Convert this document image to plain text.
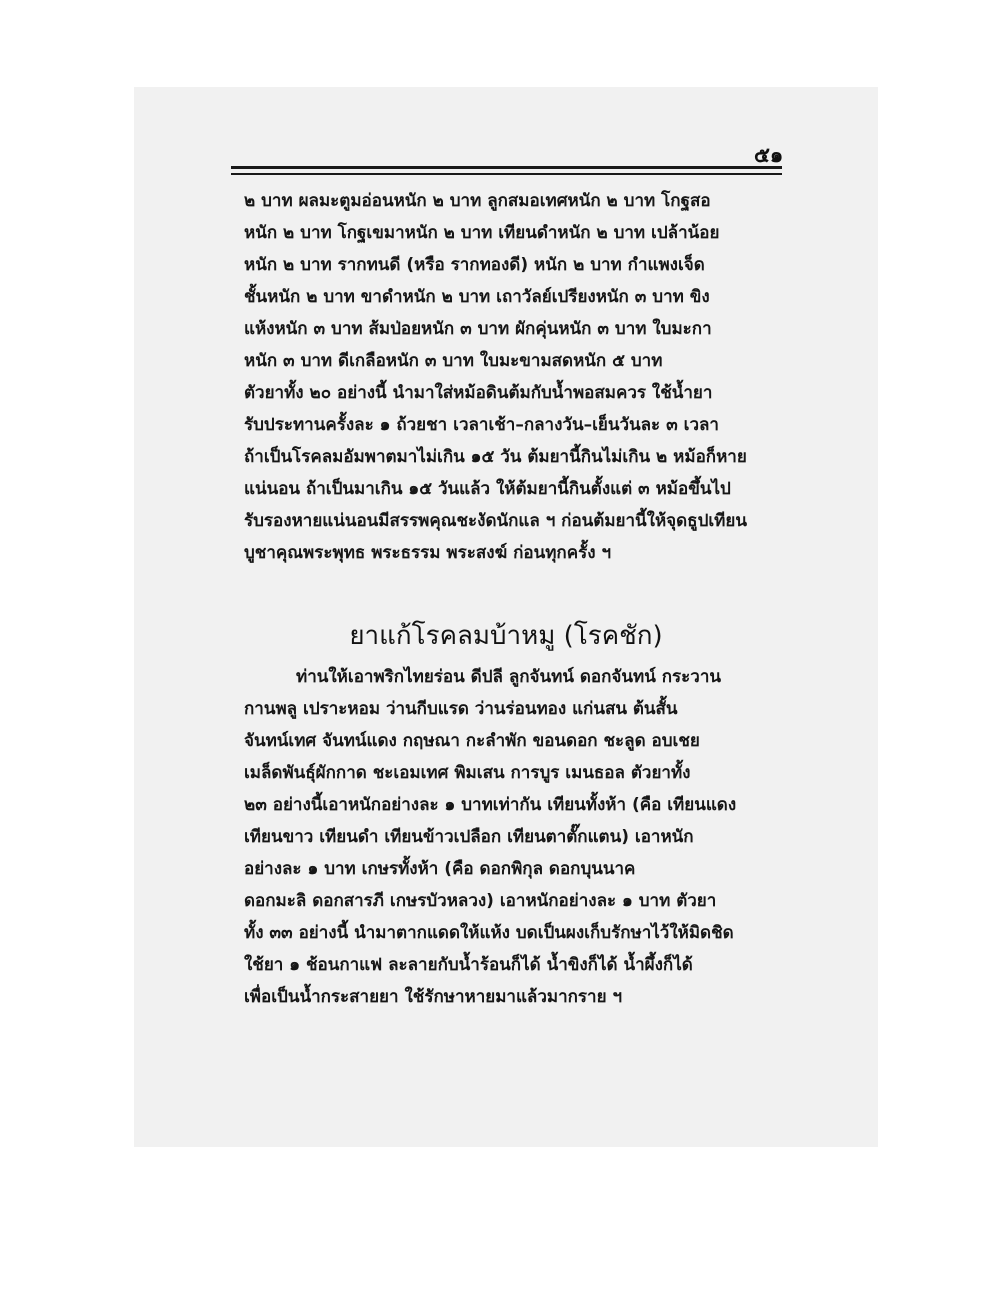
๕๑
๒ บาท ผลมะตูมอ่อนหนัก ๒ บาท ลูกสมอเทศหนัก ๒ บาท โกฐสอ
หนัก ๒ บาท โกฐเขมาหนัก ๒ บาท เทียนดำหนัก ๒ บาท เปล้าน้อย
หนัก ๒ บาท รากทนดี (หรือ รากทองดี) หนัก ๒ บาท กำแพงเจ็ด
ชั้นหนัก ๒ บาท ขาดำหนัก ๒ บาท เถาวัลย์เปรียงหนัก ๓ บาท ขิง
แห้งหนัก ๓ บาท ส้มป่อยหนัก ๓ บาท ผักคุ่นหนัก ๓ บาท ใบมะกา
หนัก ๓ บาท ดีเกลือหนัก ๓ บาท ใบมะขามสดหนัก ๕ บาท
ตัวยาทั้ง ๒๐ อย่างนี้ นำมาใส่หม้อดินต้มกับน้ำพอสมควร ใช้น้ำยา
รับประทานครั้งละ ๑ ถ้วยชา เวลาเช้า–กลางวัน–เย็นวันละ ๓ เวลา
ถ้าเป็นโรคลมอัมพาตมาไม่เกิน ๑๕ วัน ต้มยานี้กินไม่เกิน ๒ หม้อก็หาย
แน่นอน ถ้าเป็นมาเกิน ๑๕ วันแล้ว ให้ต้มยานี้กินตั้งแต่ ๓ หม้อขึ้นไป
รับรองหายแน่นอนมีสรรพคุณชะงัดนักแล ฯ ก่อนต้มยานี้ให้จุดธูปเทียน
บูชาคุณพระพุทธ พระธรรม พระสงฆ์ ก่อนทุกครั้ง ฯ
ยาแก้โรคลมบ้าหมู (โรคชัก)
ท่านให้เอาพริกไทยร่อน ดีปลี ลูกจันทน์ ดอกจันทน์ กระวาน
กานพลู เปราะหอม ว่านกีบแรด ว่านร่อนทอง แก่นสน ต้นสั้น
จันทน์เทศ จันทน์แดง กฤษณา กะลำพัก ขอนดอก ชะลูด อบเชย
เมล็ดพันธุ์ผักกาด ชะเอมเทศ พิมเสน การบูร เมนธอล ตัวยาทั้ง
๒๓ อย่างนี้เอาหนักอย่างละ ๑ บาทเท่ากัน เทียนทั้งห้า (คือ เทียนแดง
เทียนขาว เทียนดำ เทียนข้าวเปลือก เทียนตาตั๊กแตน) เอาหนัก
อย่างละ ๑ บาท เกษรทั้งห้า (คือ ดอกพิกุล ดอกบุนนาค
ดอกมะลิ ดอกสารภี เกษรบัวหลวง) เอาหนักอย่างละ ๑ บาท ตัวยา
ทั้ง ๓๓ อย่างนี้ นำมาตากแดดให้แห้ง บดเป็นผงเก็บรักษาไว้ให้มิดชิด
ใช้ยา ๑ ช้อนกาแฟ ละลายกับน้ำร้อนก็ได้ น้ำขิงก็ได้ น้ำผึ้งก็ได้
เพื่อเป็นน้ำกระสายยา ใช้รักษาหายมาแล้วมากราย ฯ
